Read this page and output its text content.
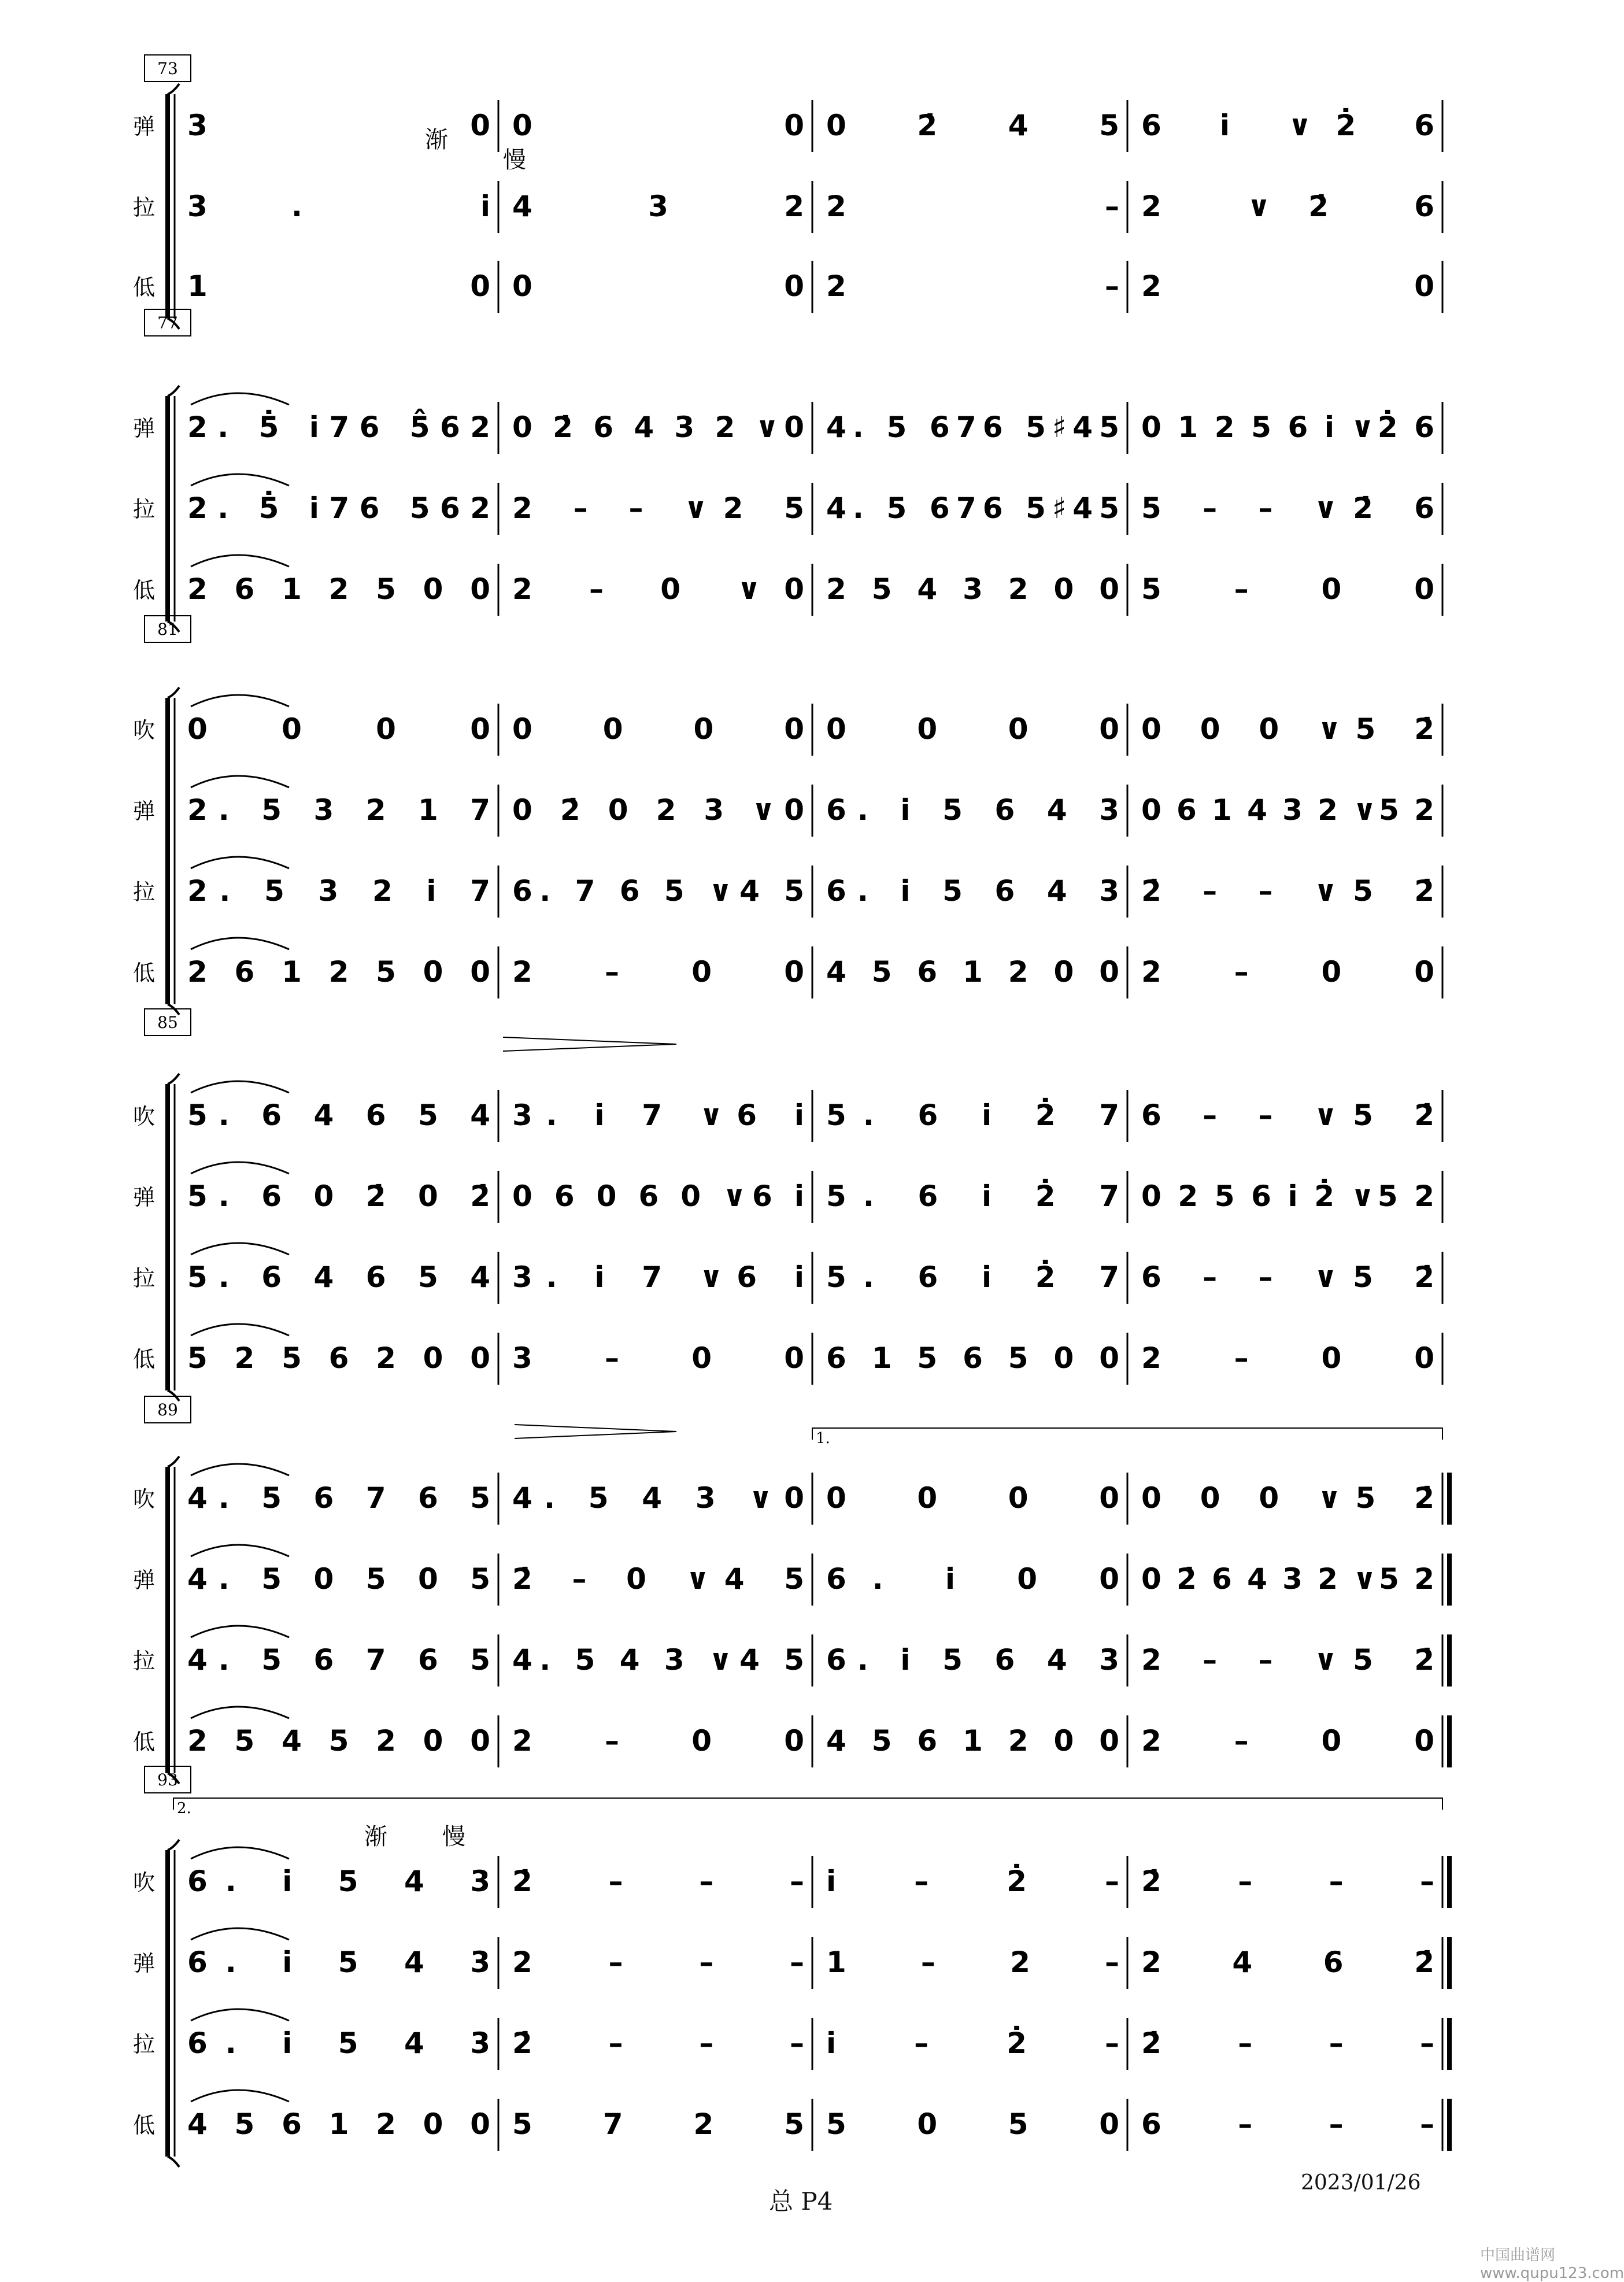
73
渐
慢
弹 3 0 0 0 0 2̇ 4 5 6 i̇ ∨2̇ 6
拉 3. i̇ 4 3 2 2 – 2 ∨2̇ 6
低 1 0 0 0 2 – 2 0
77
弹 2. 5̇ i̇76 5̂62 0 2̇ 6 4 3 2 ∨0 4. 5 676 5♯45 0 1 2 5 6 i̇ ∨2̇ 6
拉 2. 5̇ i̇76 562 2 – – ∨2 5 4. 5 676 5♯45 5 – – ∨2̇ 6
低 2 6 1 2 5 0 0 2 – 0 ∨0 2 5 4 3 2 0 0 5 – 0 0
81
吹 0 0 0 0 0 0 0 0 0 0 0 0 0 0 0 ∨5 2̇
弹 2. 5 3 2 1 7 0 2̇ 0 2 3 ∨0 6. i̇ 5 6 4 3 0 6 1 4 3 2 ∨5 2
拉 2. 5 3 2 i̇ 7 6. 7 6 5 ∨4 5 6. i̇ 5 6 4 3 2̇ – – ∨5 2̇
低 2 6 1 2 5 0 0 2 – 0 0 4 5 6 1 2 0 0 2 – 0 0
85
吹 5. 6 4 6 5 4 3. i̇ 7 ∨6 i̇ 5. 6 i̇ 2̇ 7 6 – – ∨5 2̇
弹 5. 6 0 2̇ 0 2̇ 0 6 0 6 0 ∨6 i̇ 5. 6 i̇ 2̇ 7 0 2 5 6 i̇ 2̇ ∨5 2
拉 5. 6 4 6 5 4 3. i̇ 7 ∨6 i̇ 5. 6 i̇ 2̇ 7 6 – – ∨5 2̇
低 5 2 5 6 2 0 0 3 – 0 0 6 1 5 6 5 0 0 2 – 0 0
89
1.
吹 4. 5 6 7 6 5 4. 5 4 3 ∨0 0 0 0 0 0 0 0 ∨5 2̇
弹 4. 5 0 5 0 5 2̇ – 0 ∨4 5 6. i̇ 0 0 0 2̇ 6 4 3 2 ∨5 2
拉 4. 5 6 7 6 5 4. 5 4 3 ∨4 5 6. i̇ 5 6 4 3 2 – – ∨5 2̇
低 2 5 4 5 2 0 0 2 – 0 0 4 5 6 1 2 0 0 2 – 0 0
93
2.
渐 慢
吹 6. i̇ 5 4 3 2̇ – – – i̇ – 2̇ – 2̇ – – –
弹 6. i̇ 5 4 3 2 – – – 1 – 2 – 2 4 6 2̇
拉 6. i̇ 5 4 3 2̇ – – – i̇ – 2̇ – 2̇ – – –
低 4 5 6 1 2 0 0 5 7 2 5 5 0 5 0 6 – – –
总 P4
2023/01/26
中国曲谱网 www.qupu123.com
